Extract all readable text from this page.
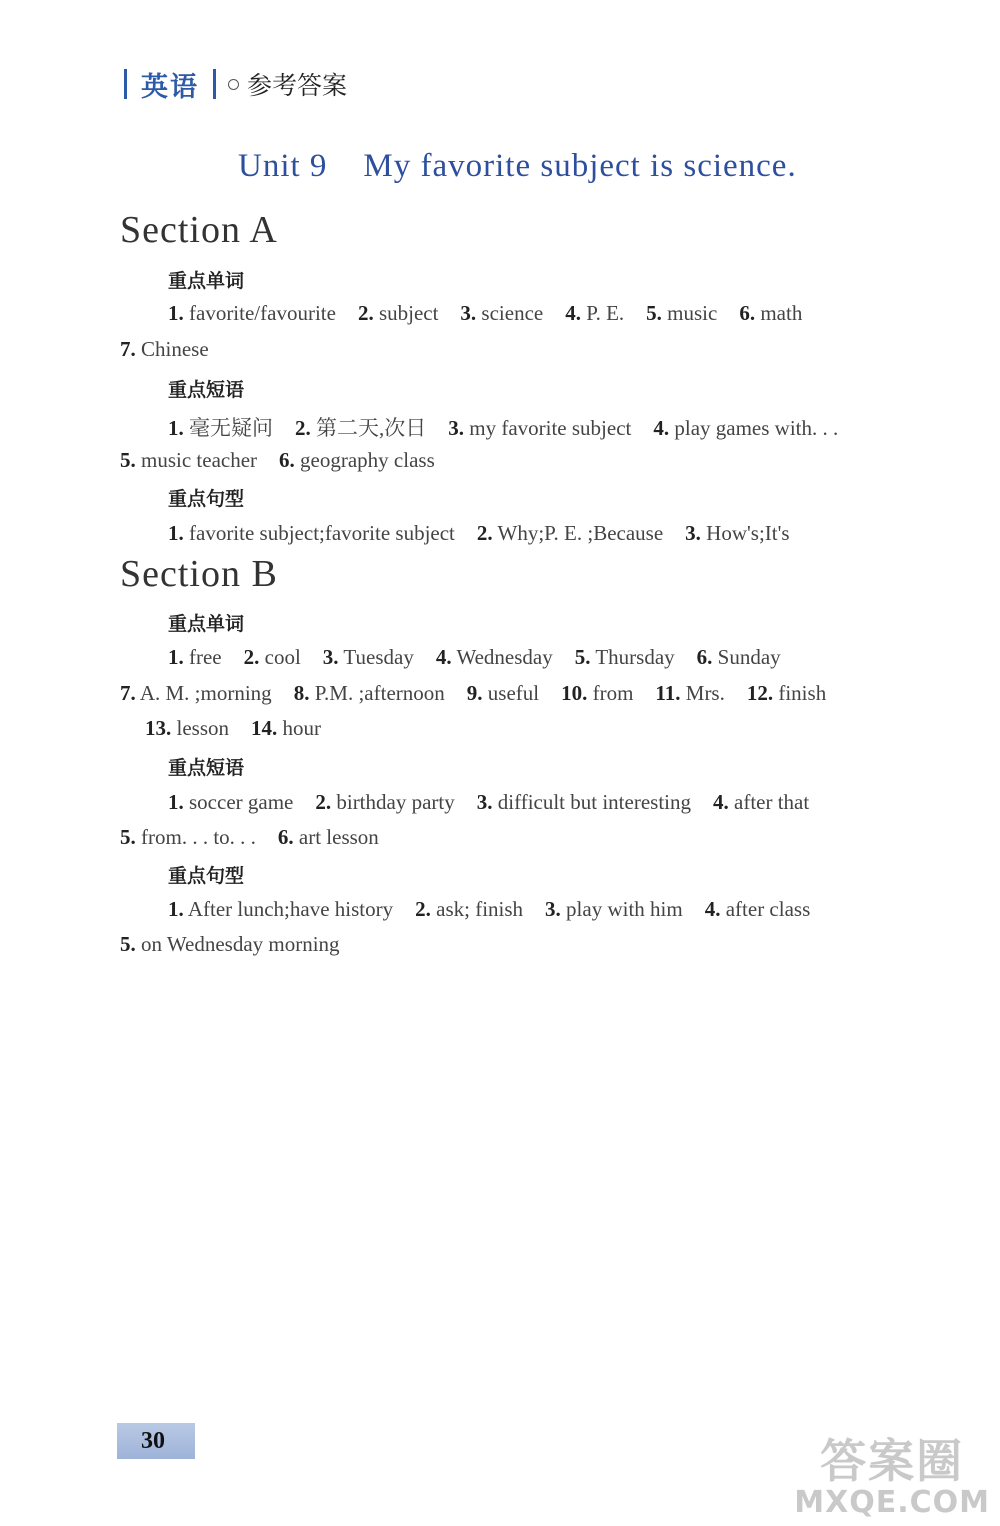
英语 参考答案
Unit 9 My favorite subject is science.
Section A
重点单词
1. favorite/favourite 2. subject 3. science 4. P. E. 5. music 6. math
7. Chinese
重点短语
1. 毫无疑问 2. 第二天,次日 3. my favorite subject 4. play games with. . .
5. music teacher 6. geography class
重点句型
1. favorite subject;favorite subject 2. Why;P. E. ;Because 3. How's;It's
Section B
重点单词
1. free 2. cool 3. Tuesday 4. Wednesday 5. Thursday 6. Sunday
7. A. M. ;morning 8. P.M. ;afternoon 9. useful 10. from 11. Mrs. 12. finish
13. lesson 14. hour
重点短语
1. soccer game 2. birthday party 3. difficult but interesting 4. after that
5. from. . . to. . . 6. art lesson
重点句型
1. After lunch;have history 2. ask; finish 3. play with him 4. after class
5. on Wednesday morning
30	答案圈
MXQE.COM
